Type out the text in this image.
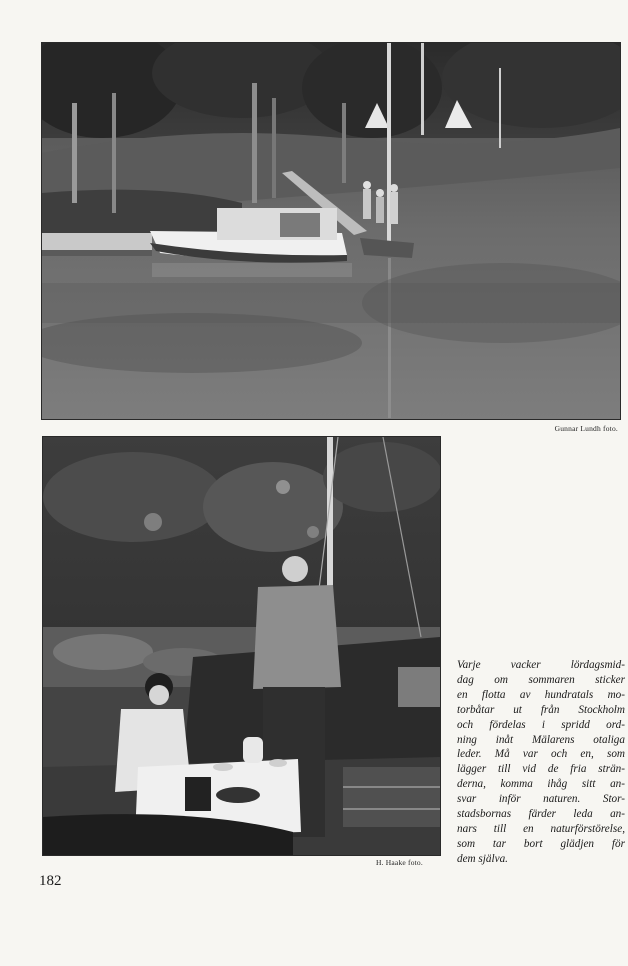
Gunnar Lundh foto.
H. Haake foto.
Varje vacker lördagsmid-
dag om sommaren sticker
en flotta av hundratals mo-
torbåtar ut från Stockholm
och fördelas i spridd ord-
ning inåt Mälarens otaliga
leder. Må var och en, som
lägger till vid de fria strän-
derna, komma ihåg sitt an-
svar inför naturen. Stor-
stadsbornas färder leda an-
nars till en naturförstörelse,
som tar bort glädjen för
dem själva.
182
